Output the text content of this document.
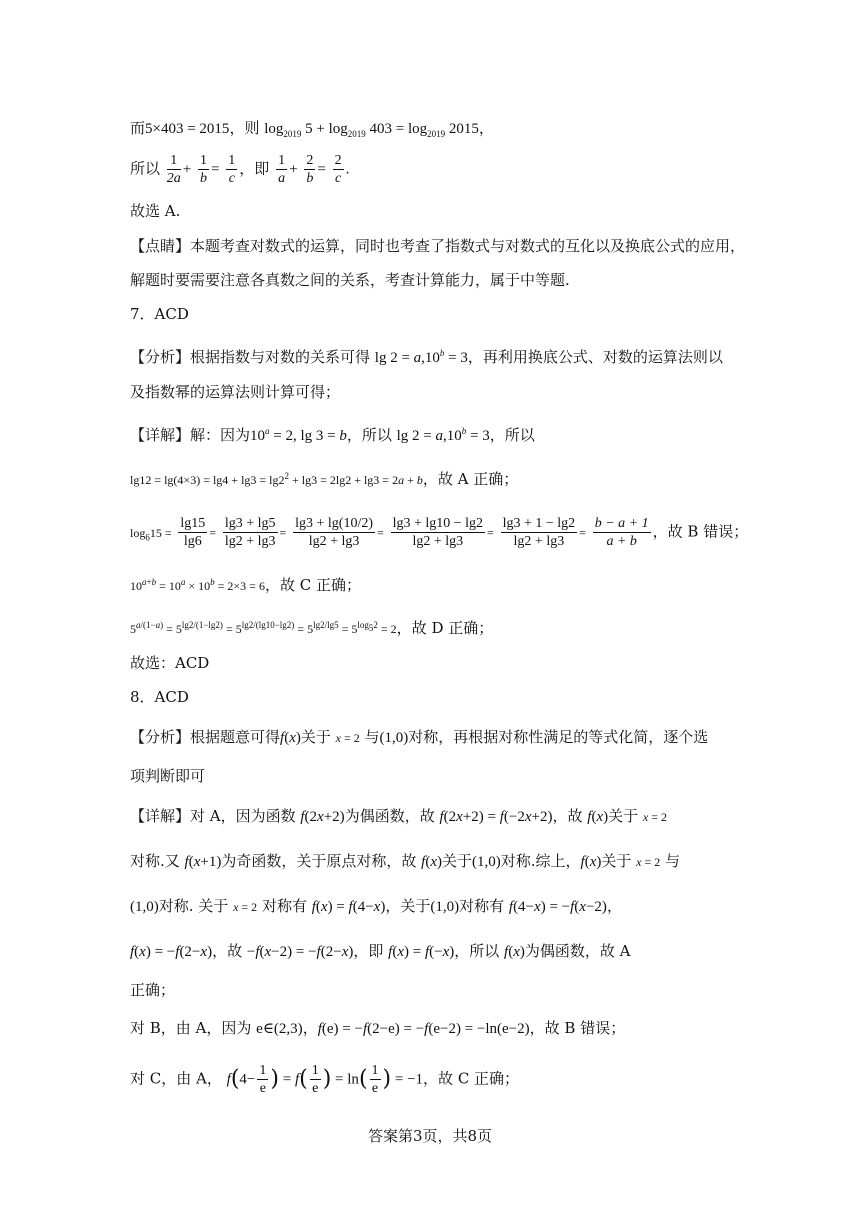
而5×403 = 2015，则 $\log_{2019} 5 + \log_{2019} 403 = \log_{2019} 2015$，
所以 $\frac{1}{2a} + \frac{1}{b} = \frac{1}{c}$ ，即 $\frac{1}{a} + \frac{2}{b} = \frac{2}{c}$ .
故选 A.
【点睛】本题考查对数式的运算，同时也考查了指数式与对数式的互化以及换底公式的应用，
解题时要需要注意各真数之间的关系，考查计算能力，属于中等题.
7．ACD
【分析】根据指数与对数的关系可得 lg 2 = a,10$^b$ = 3，再利用换底公式、对数的运算法则以
及指数幂的运算法则计算可得；
【详解】解：因为$10^a = 2$, lg 3 = b，所以 lg 2 = a,10$^b$ = 3，所以
$\lg 12 = \lg(4\times 3) = \lg 4 + \lg 3 = \lg 2^2 + \lg 3 = 2\lg 2 + \lg 3 = 2a + b$，故 A 正确；
$\log_615 = \frac{\lg 15}{\lg 6} = \frac{\lg 3 + \lg 5}{\lg 2 + \lg 3} = \frac{\lg 3 + \lg(10/2)}{\lg 2 + \lg 3} = \frac{\lg 3 + \lg 10 - \lg 2}{\lg 2 + \lg 3} = \frac{\lg 3 + 1 - \lg 2}{\lg 2 + \lg 3} = \frac{b - a + 1}{a + b}$ ，故 B 错误；
$10^{a+b} = 10^a \times 10^b = 2\times 3 = 6$，故 C 正确；
$5^{a/(1-a)} = 5^{lg2/(1-lg2)} = 5^{lg2/(lg10-lg2)} = 5^{lg2/lg5} = 5^{log_52} = 2$，故 D 正确；
故选：ACD
8．ACD
【分析】根据题意可得f(x)关于 x = 2 与(1,0)对称，再根据对称性满足的等式化简，逐个选
项判断即可
【详解】对 A，因为函数 f(2x+2)为偶函数，故 f(2x+2) = f(−2x+2)，故 f(x)关于 x = 2
对称.又 f(x+1)为奇函数，关于原点对称，故 f(x)关于(1,0)对称.综上，f(x)关于 x = 2 与
(1,0)对称. 关于 x = 2 对称有 f(x) = f(4−x)，关于(1,0)对称有 f(4−x) = −f(x−2)，
f(x) = −f(2−x)，故 −f(x−2) = −f(2−x)，即 f(x) = f(−x)，所以 f(x)为偶函数，故 A
正确；
对 B，由 A，因为 e∈(2,3)，f(e) = −f(2−e) = −f(e−2) = −ln(e−2)，故 B 错误；
对 C，由 A， $f(4- \frac{1}{e}$ ) = $f( \frac{1}{e}$ ) = $\ln( \frac{1}{e}$ ) = −1，故 C 正确；
答案第3页，共8页
